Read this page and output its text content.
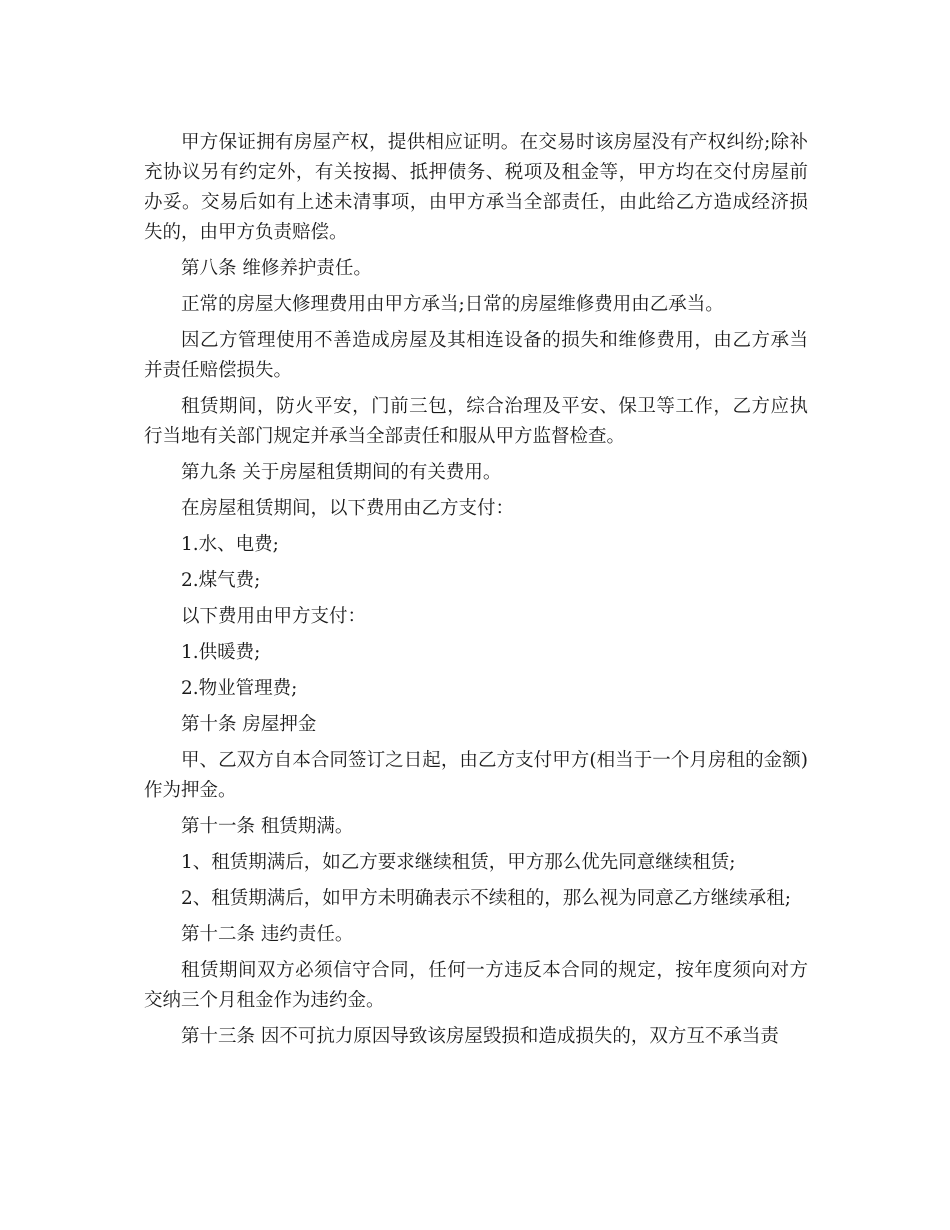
甲方保证拥有房屋产权，提供相应证明。在交易时该房屋没有产权纠纷;除补充协议另有约定外，有关按揭、抵押债务、税项及租金等，甲方均在交付房屋前办妥。交易后如有上述未清事项，由甲方承当全部责任，由此给乙方造成经济损失的，由甲方负责赔偿。

第八条 维修养护责任。

正常的房屋大修理费用由甲方承当;日常的房屋维修费用由乙承当。

因乙方管理使用不善造成房屋及其相连设备的损失和维修费用，由乙方承当并责任赔偿损失。

租赁期间，防火平安，门前三包，综合治理及平安、保卫等工作，乙方应执行当地有关部门规定并承当全部责任和服从甲方监督检查。

第九条 关于房屋租赁期间的有关费用。

在房屋租赁期间，以下费用由乙方支付：

1.水、电费;

2.煤气费;

以下费用由甲方支付：

1.供暖费;

2.物业管理费;

第十条 房屋押金

甲、乙双方自本合同签订之日起，由乙方支付甲方(相当于一个月房租的金额)作为押金。

第十一条 租赁期满。

1、租赁期满后，如乙方要求继续租赁，甲方那么优先同意继续租赁;

2、租赁期满后，如甲方未明确表示不续租的，那么视为同意乙方继续承租;

第十二条 违约责任。

租赁期间双方必须信守合同，任何一方违反本合同的规定，按年度须向对方交纳三个月租金作为违约金。

第十三条 因不可抗力原因导致该房屋毁损和造成损失的，双方互不承当责
